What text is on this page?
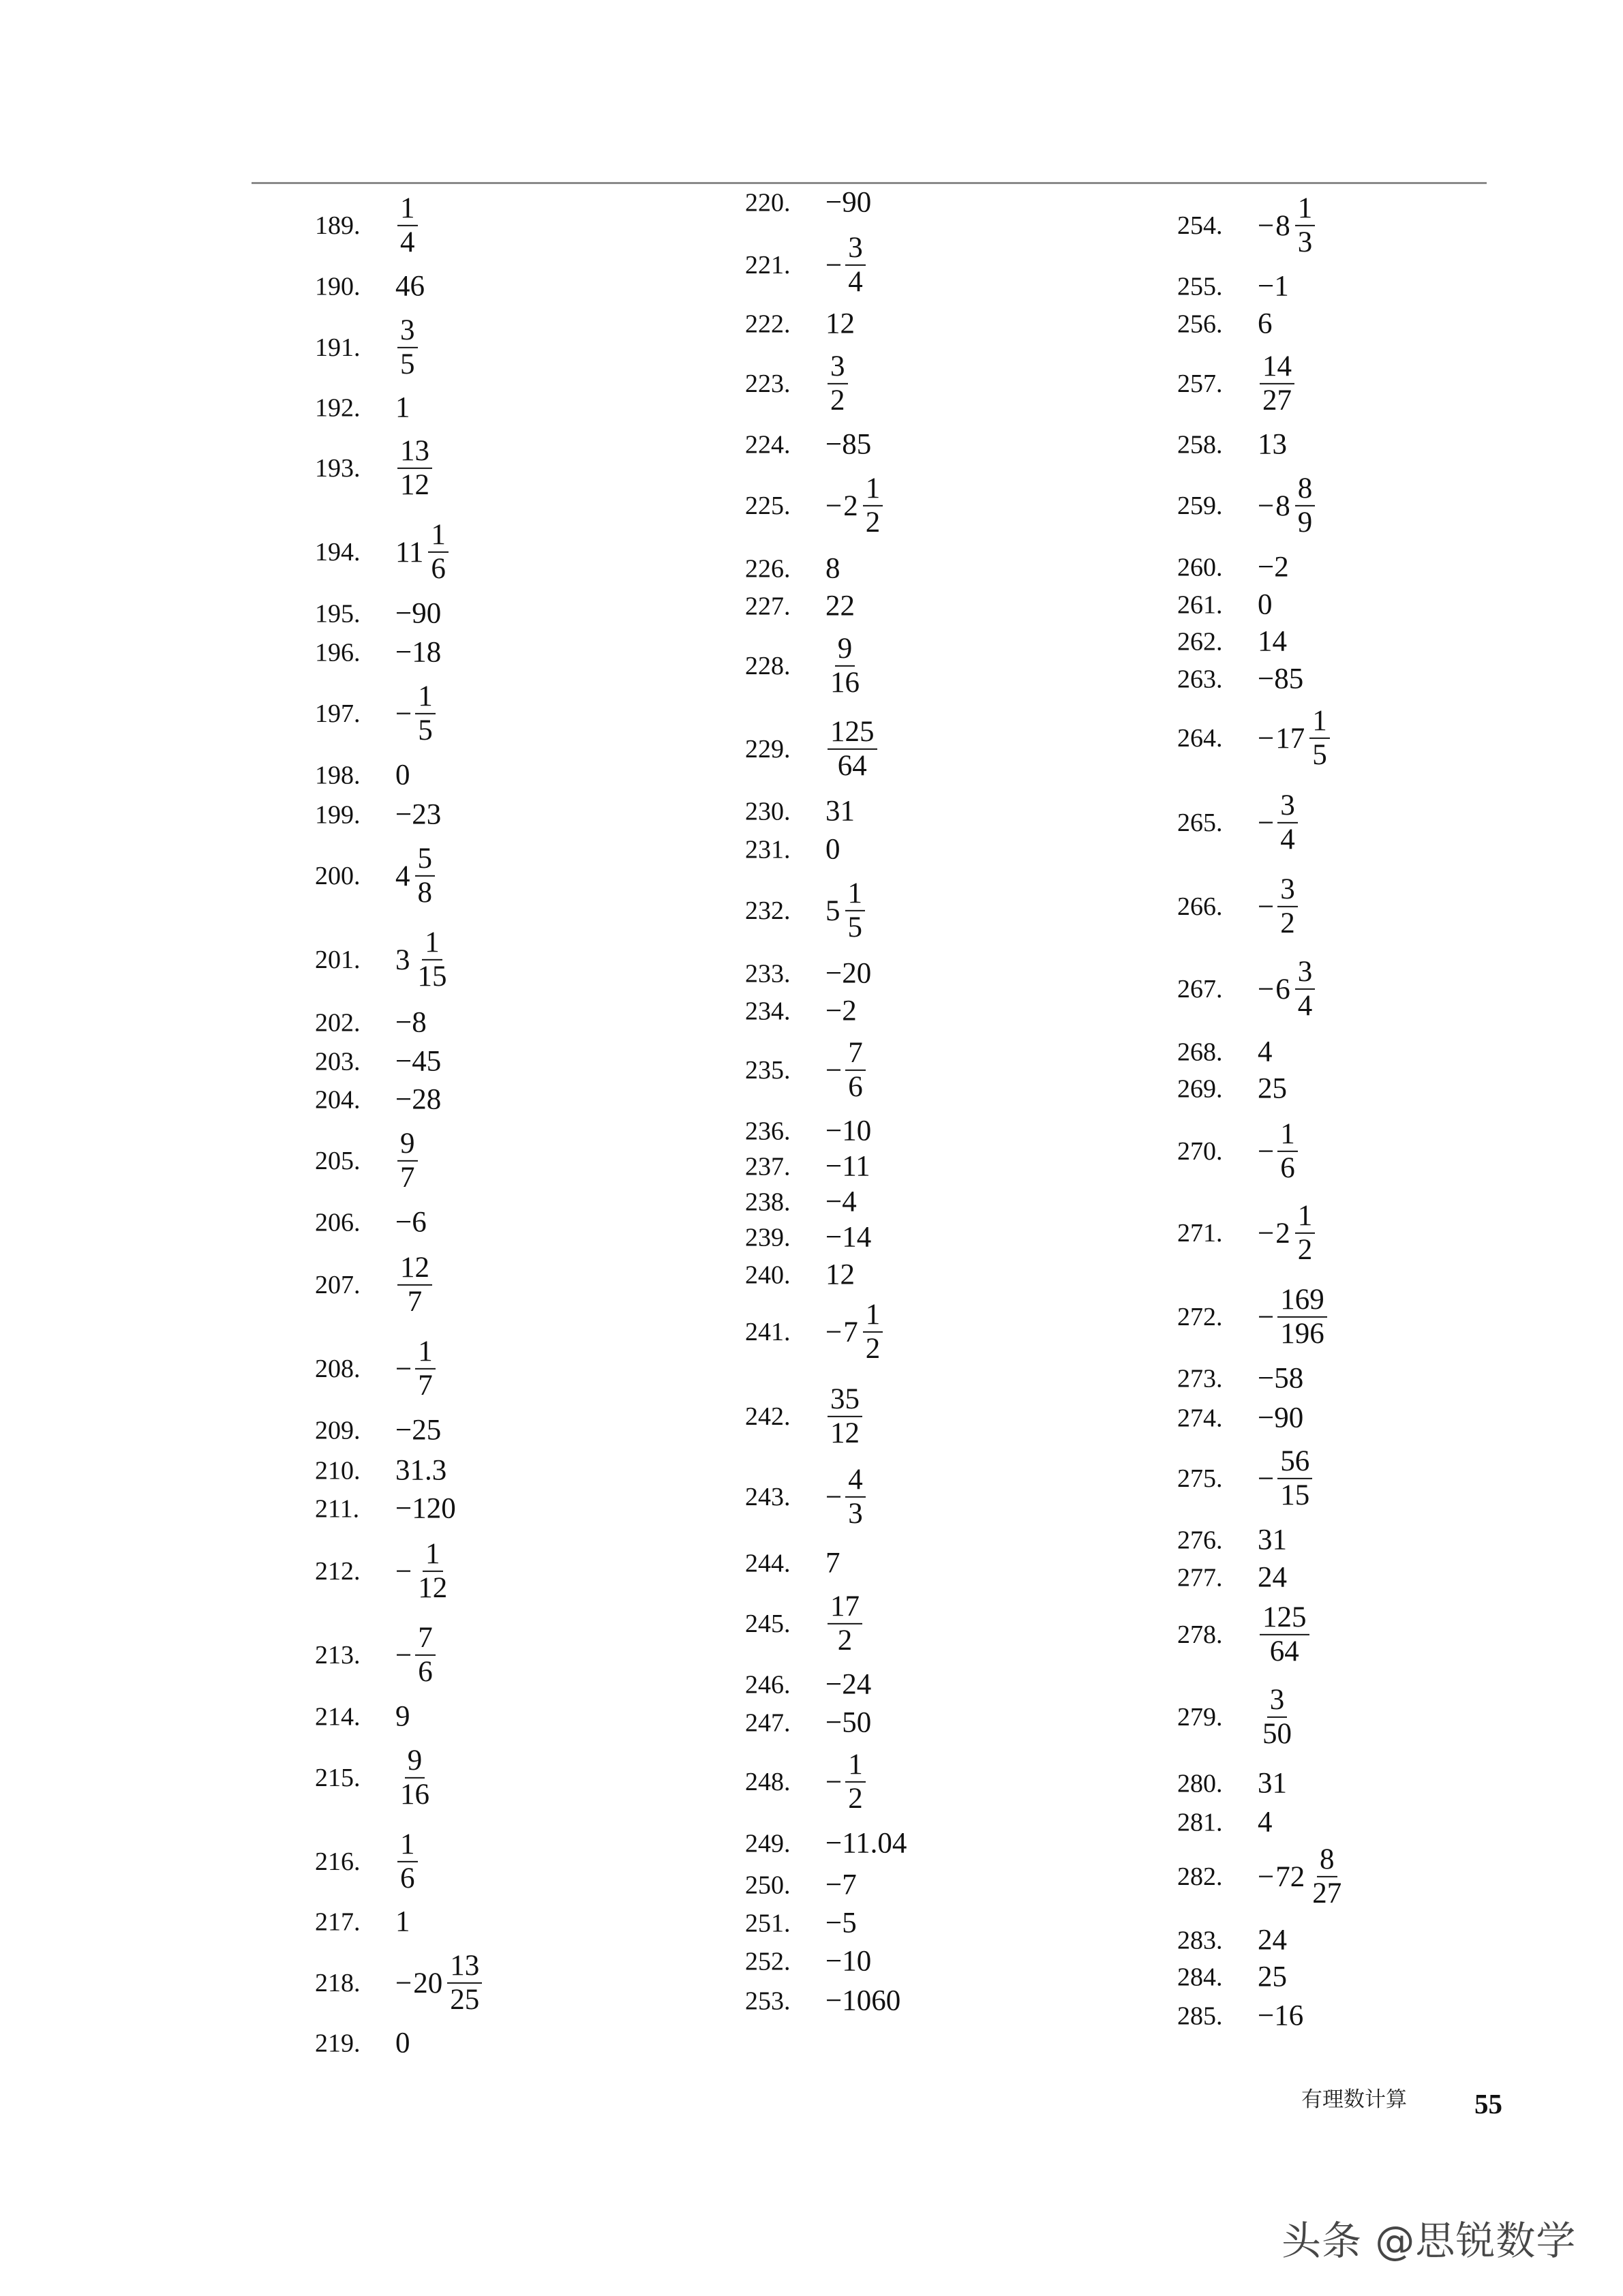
189.	$\frac{1}{4}$
190.	46
191.	$\frac{3}{5}$
192.	1
193.	$\frac{13}{12}$
194.	$11 \frac{1}{6}$
195.	−90
196.	−18
197.	− $\frac{1}{5}$
198.	0
199.	−23
200.	$4 \frac{5}{8}$
201.	$3 \frac{1}{15}$
202.	−8
203.	−45
204.	−28
205.	$\frac{9}{7}$
206.	−6
207.	$\frac{12}{7}$
208.	− $\frac{1}{7}$
209.	−25
210.	31.3
211.	−120
212.	− $\frac{1}{12}$
213.	− $\frac{7}{6}$
214.	9
215.	$\frac{9}{16}$
216.	$\frac{1}{6}$
217.	1
218.	− $20 \frac{13}{25}$
219.	0
220.	−90
221.	− $\frac{3}{4}$
222.	12
223.	$\frac{3}{2}$
224.	−85
225.	− $2 \frac{1}{2}$
226.	8
227.	22
228.	$\frac{9}{16}$
229.	$\frac{125}{64}$
230.	31
231.	0
232.	$5 \frac{1}{5}$
233.	−20
234.	−2
235.	− $\frac{7}{6}$
236.	−10
237.	−11
238.	−4
239.	−14
240.	12
241.	− $7 \frac{1}{2}$
242.	$\frac{35}{12}$
243.	− $\frac{4}{3}$
244.	7
245.	$\frac{17}{2}$
246.	−24
247.	−50
248.	− $\frac{1}{2}$
249.	−11.04
250.	−7
251.	−5
252.	−10
253.	−1060
254.	− $8 \frac{1}{3}$
255.	−1
256.	6
257.	$\frac{14}{27}$
258.	13
259.	− $8 \frac{8}{9}$
260.	−2
261.	0
262.	14
263.	−85
264.	− $17 \frac{1}{5}$
265.	− $\frac{3}{4}$
266.	− $\frac{3}{2}$
267.	− $6 \frac{3}{4}$
268.	4
269.	25
270.	− $\frac{1}{6}$
271.	− $2 \frac{1}{2}$
272.	− $\frac{169}{196}$
273.	−58
274.	−90
275.	− $\frac{56}{15}$
276.	31
277.	24
278.	$\frac{125}{64}$
279.	$\frac{3}{50}$
280.	31
281.	4
282.	− $72 \frac{8}{27}$
283.	24
284.	25
285.	−16
有理数计算 55
头条 @思锐数学
